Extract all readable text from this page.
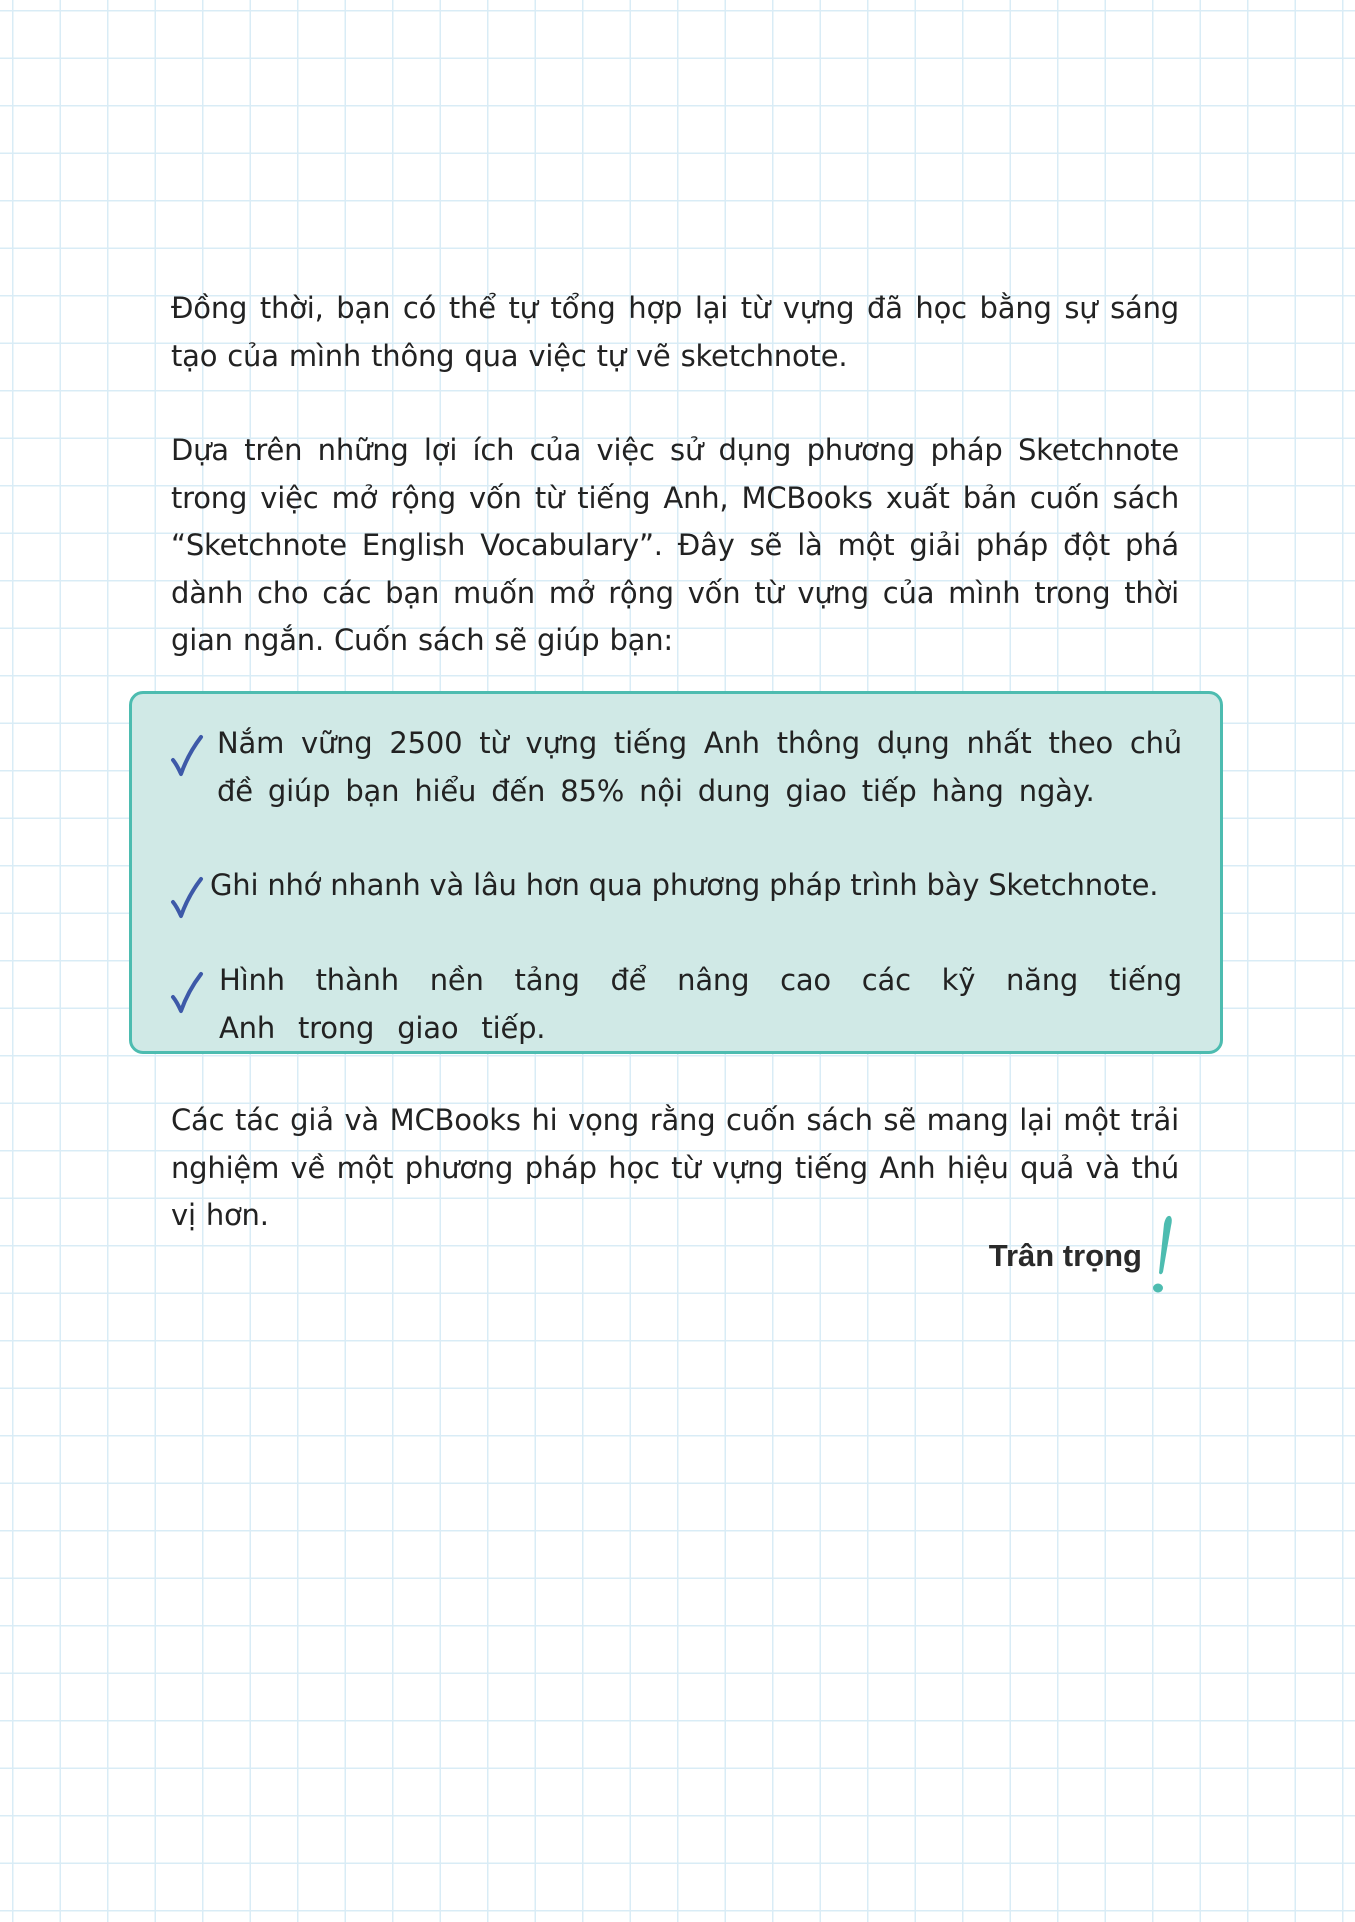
Đồng thời, bạn có thể tự tổng hợp lại từ vựng đã học bằng sự sáng tạo của mình thông qua việc tự vẽ sketchnote.

Dựa trên những lợi ích của việc sử dụng phương pháp Sketchnote trong việc mở rộng vốn từ tiếng Anh, MCBooks xuất bản cuốn sách “Sketchnote English Vocabulary”. Đây sẽ là một giải pháp đột phá dành cho các bạn muốn mở rộng vốn từ vựng của mình trong thời gian ngắn. Cuốn sách sẽ giúp bạn:

Nắm vững 2500 từ vựng tiếng Anh thông dụng nhất theo chủ đề giúp bạn hiểu đến 85% nội dung giao tiếp hàng ngày.

Ghi nhớ nhanh và lâu hơn qua phương pháp trình bày Sketchnote.

Hình thành nền tảng để nâng cao các kỹ năng tiếng Anh trong giao tiếp.

Các tác giả và MCBooks hi vọng rằng cuốn sách sẽ mang lại một trải nghiệm về một phương pháp học từ vựng tiếng Anh hiệu quả và thú vị hơn.

Trân trọng
